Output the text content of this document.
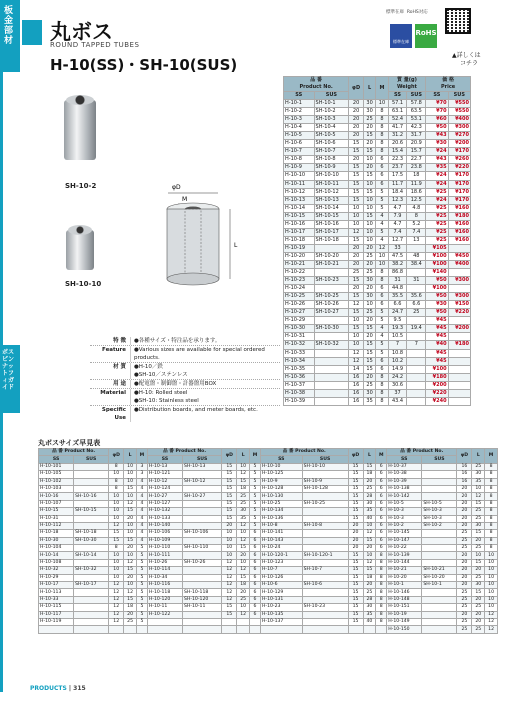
板金部材
ボスピンナットフィガイド
丸ボス
ROUND TAPPED TUBES
H-10(SS)・SH-10(SUS)
標準在庫 RoHS対応
標準在庫
RoHS
▲詳しくは
コチラ
SH-10-2
SH-10-10
φD
M
L
特 徴	●各種サイズ・特注品を承ります。
Feature	●Various sizes are available for special ordered products.
材 質	●H-10／鉄
●SH-10／ステンレス
用 途	●配電盤・制御盤・計器盤用BOX
Material	●H-10: Rolled steel
●SH-10: Stainless steel
Specific Use
●Distribution boards, and meter boards, etc.
品 番
Product No.		φD	L	M	質 量(g)
Weight		価 格
Price	
SS	SUS				SS	SUS	SS	SUS
H-10-1	SH-10-1	20	30	10	57.1	57.8	¥70	¥550
H-10-2	SH-10-2	20	30	8	63.1	63.5	¥70	¥550
H-10-3	SH-10-3	20	25	8	52.4	53.1	¥60	¥400
H-10-4	SH-10-4	20	20	8	41.7	42.3	¥50	¥300
H-10-5	SH-10-5	20	15	8	31.2	31.7	¥43	¥270
H-10-6	SH-10-6	15	20	8	20.6	20.9	¥30	¥200
H-10-7	SH-10-7	15	15	8	15.4	15.7	¥24	¥170
H-10-8	SH-10-8	20	10	6	22.3	22.7	¥43	¥260
H-10-9	SH-10-9	15	20	6	23.7	23.8	¥35	¥220
H-10-10	SH-10-10	15	15	6	17.5	18	¥24	¥170
H-10-11	SH-10-11	15	10	6	11.7	11.9	¥24	¥170
H-10-12	SH-10-12	15	15	5	18.4	18.6	¥25	¥170
H-10-13	SH-10-13	15	10	5	12.3	12.5	¥24	¥170
H-10-14	SH-10-14	10	10	5	4.7	4.8	¥25	¥160
H-10-15	SH-10-15	10	15	4	7.9	8	¥25	¥180
H-10-16	SH-10-16	10	10	4	4.7	5.2	¥25	¥160
H-10-17	SH-10-17	12	10	5	7.4	7.4	¥25	¥160
H-10-18	SH-10-18	15	10	4	12.7	13	¥25	¥160
H-10-19		20	20	12	33		¥105	
H-10-20	SH-10-20	20	25	10	47.5	48	¥100	¥450
H-10-21	SH-10-21	20	20	10	38.2	38.4	¥100	¥400
H-10-22		25	25	8	86.8		¥140	
H-10-23	SH-10-23	15	30	8	31	31	¥50	¥300
H-10-24		20	20	6	44.8		¥100	
H-10-25	SH-10-25	15	30	6	35.5	35.6	¥50	¥300
H-10-26	SH-10-26	12	10	6	6.6	6.6	¥30	¥150
H-10-27	SH-10-27	15	25	5	24.7	25	¥50	¥220
H-10-29		10	20	5	9.5		¥45	
H-10-30	SH-10-30	15	15	4	19.3	19.4	¥45	¥200
H-10-31		10	20	4	10.5		¥45	
H-10-32	SH-10-32	10	15	5	7	7	¥40	¥180
H-10-33		12	15	5	10.8		¥45	
H-10-34		12	15	6	10.2		¥45	
H-10-35		14	15	6	14.9		¥100	
H-10-36		16	20	8	24.2		¥180	
H-10-37		16	25	8	30.6		¥200	
H-10-38		16	30	8	37		¥220	
H-10-39		16	35	8	43.4		¥240	
丸ボスサイズ早見表
品 番 Product No.		φD	L	M	品 番 Product No.		φD	L	M	品 番 Product No.		φD	L	M	品 番 Product No.		φD	L	M
SS	SUS				SS	SUS				SS	SUS				SS	SUS			
H-10-101		8	10	3	H-10-13	SH-10-13	15	10	5	H-10-10	SH-10-10	15	15	6	H-10-37		16	25	8
H-10-105		10	10	3	H-10-121		15	12	5	H-10-125		15	18	6	H-10-38		16	30	8
H-10-102		8	10	4	H-10-12	SH-10-12	15	15	5	H-10-9	SH-10-9	15	20	6	H-10-39		16	35	8
H-10-103		8	15	4	H-10-124		15	18	5	H-10-128	SH-10-128	15	25	6	H-10-138		20	10	8
H-10-16	SH-10-16	10	10	4	H-10-27	SH-10-27	15	25	5	H-10-130		15	28	6	H-10-142		20	12	8
H-10-107		10	12	4	H-10-127		15	25	5	H-10-25	SH-10-25	15	30	6	H-10-5	SH-10-5	20	15	8
H-10-15	SH-10-15	10	15	4	H-10-132		15	30	5	H-10-134		15	35	6	H-10-3	SH-10-3	20	25	8
H-10-31		10	20	4	H-10-133		15	35	5	H-10-136		15	40	6	H-10-3	SH-10-3	20	25	8
H-10-112		12	10	4	H-10-140		20	12	5	H-10-8	SH-10-8	20	10	6	H-10-2	SH-10-2	20	30	8
H-10-18	SH-10-18	15	10	4	H-10-106	SH-10-106	10	10	6	H-10-141		20	12	6	H-10-145		25	15	8
H-10-30	SH-10-30	15	15	4	H-10-109		10	12	6	H-10-143		20	15	6	H-10-147		25	20	8
H-10-104		8	20	5	H-10-110	SH-10-110	10	15	6	H-10-24		20	20	6	H-10-22		25	25	8
H-10-14	SH-10-14	10	10	5	H-10-111		10	20	6	H-10-120-1	SH-10-120-1	15	10	8	H-10-139		20	10	10
H-10-108		10	12	5	H-10-26	SH-10-26	12	10	6	H-10-123		15	12	8	H-10-144		20	15	10
H-10-32	SH-10-32	10	15	5	H-10-114		12	12	6	H-10-7	SH-10-7	15	15	8	H-10-21	SH-10-21	20	20	10
H-10-29		10	20	5	H-10-34		12	15	6	H-10-126		15	18	8	H-10-20	SH-10-20	20	25	10
H-10-17	SH-10-17	12	10	5	H-10-116		12	18	6	H-10-6	SH-10-6	15	20	8	H-10-1	SH-10-1	20	30	10
H-10-113		12	12	5	H-10-118	SH-10-118	12	20	6	H-10-129		15	25	8	H-10-146		25	15	10
H-10-33		12	15	5	H-10-120	SH-10-120	12	25	6	H-10-131		15	28	8	H-10-148		25	20	10
H-10-115		12	18	5	H-10-11	SH-10-11	15	10	6	H-10-23	SH-10-23	15	30	8	H-10-151		25	25	10
H-10-117		12	20	5	H-10-122		15	12	6	H-10-135		15	35	8	H-10-19		20	20	12
H-10-119		12	25	5						H-10-137		15	40	8	H-10-149		25	20	12
															H-10-150		25	25	12
PRODUCTS | 315
